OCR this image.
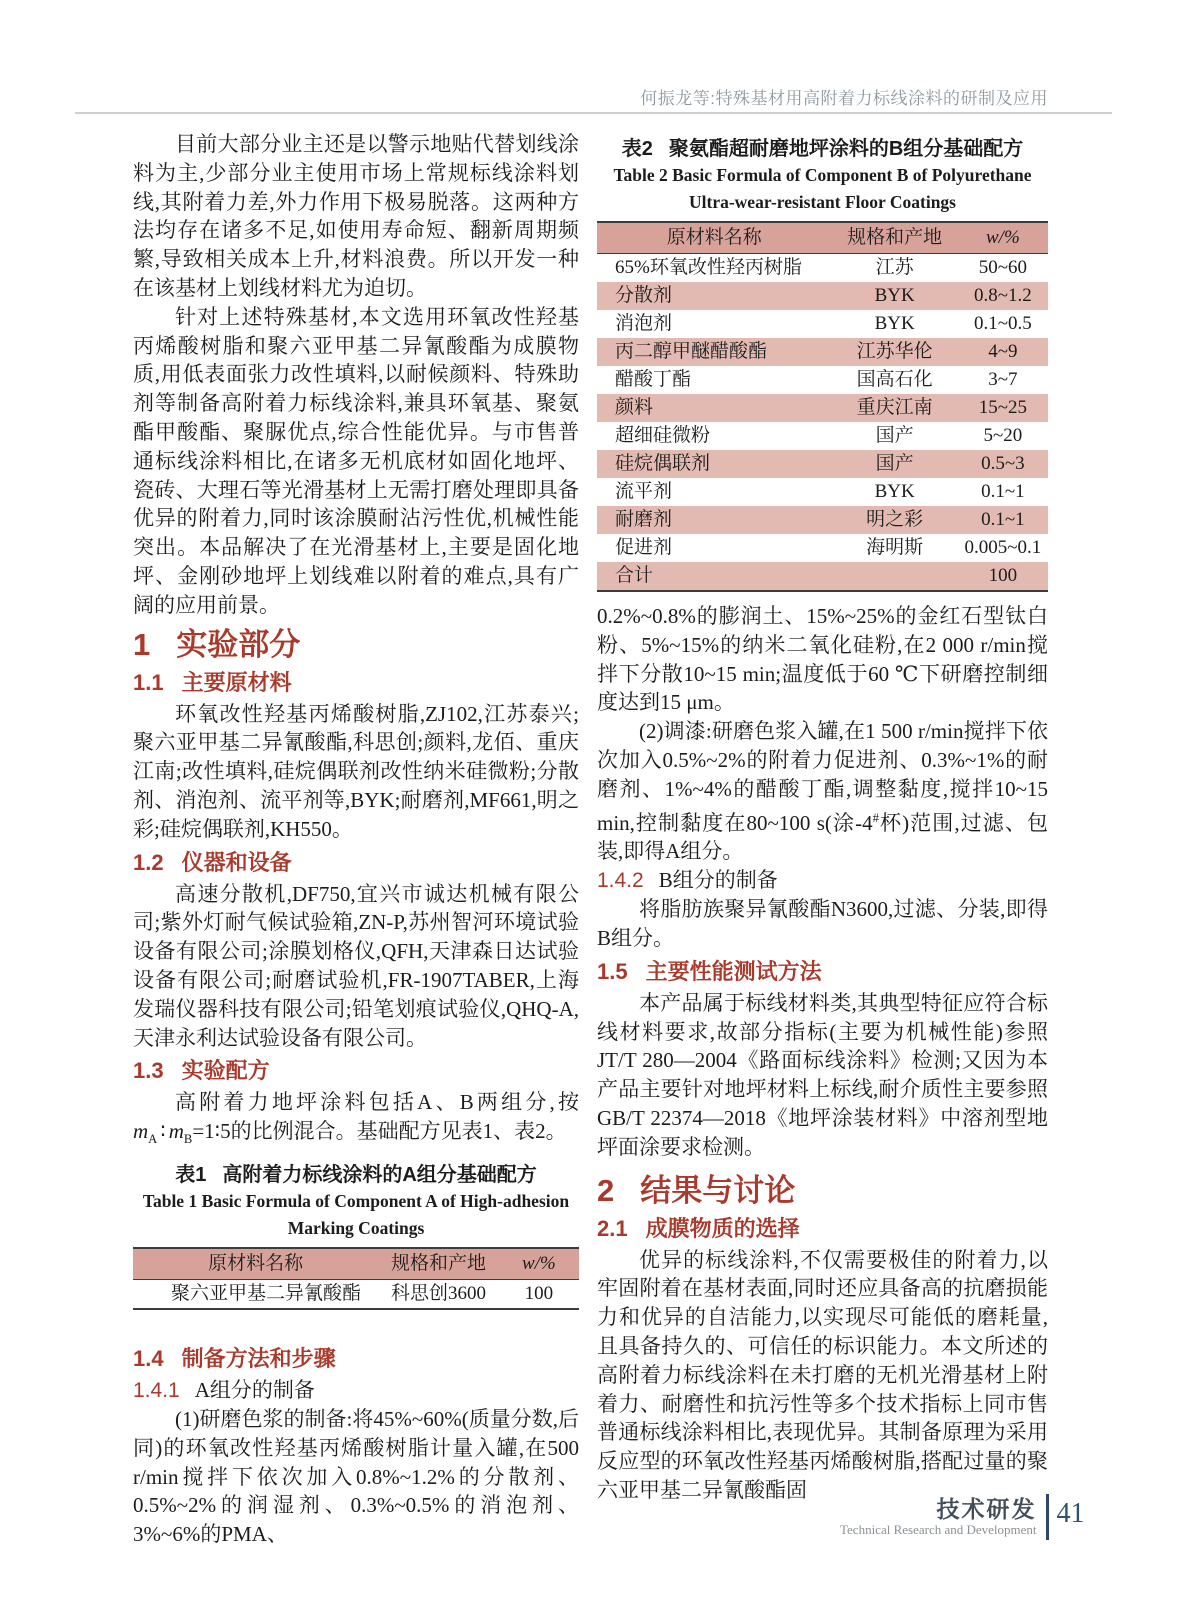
何振龙等:特殊基材用高附着力标线涂料的研制及应用

目前大部分业主还是以警示地贴代替划线涂料为主,少部分业主使用市场上常规标线涂料划线,其附着力差,外力作用下极易脱落。这两种方法均存在诸多不足,如使用寿命短、翻新周期频繁,导致相关成本上升,材料浪费。所以开发一种在该基材上划线材料尤为迫切。

针对上述特殊基材,本文选用环氧改性羟基丙烯酸树脂和聚六亚甲基二异氰酸酯为成膜物质,用低表面张力改性填料,以耐候颜料、特殊助剂等制备高附着力标线涂料,兼具环氧基、聚氨酯甲酸酯、聚脲优点,综合性能优异。与市售普通标线涂料相比,在诸多无机底材如固化地坪、瓷砖、大理石等光滑基材上无需打磨处理即具备优异的附着力,同时该涂膜耐沾污性优,机械性能突出。本品解决了在光滑基材上,主要是固化地坪、金刚砂地坪上划线难以附着的难点,具有广阔的应用前景。

1 实验部分

1.1 主要原材料

环氧改性羟基丙烯酸树脂,ZJ102,江苏泰兴;聚六亚甲基二异氰酸酯,科思创;颜料,龙佰、重庆江南;改性填料,硅烷偶联剂改性纳米硅微粉;分散剂、消泡剂、流平剂等,BYK;耐磨剂,MF661,明之彩;硅烷偶联剂,KH550。

1.2 仪器和设备

高速分散机,DF750,宜兴市诚达机械有限公司;紫外灯耐气候试验箱,ZN-P,苏州智河环境试验设备有限公司;涂膜划格仪,QFH,天津森日达试验设备有限公司;耐磨试验机,FR-1907TABER,上海发瑞仪器科技有限公司;铅笔划痕试验仪,QHQ-A,天津永利达试验设备有限公司。

1.3 实验配方

高附着力地坪涂料包括A、B两组分,按$m_A$ ∶ $m_B=1∶5$的比例混合。基础配方见表1、表2。

表1 高附着力标线涂料的A组分基础配方

Table 1 Basic Formula of Component A of High-adhesion Marking Coatings

原材料名称	规格和产地	w/%
聚六亚甲基二异氰酸酯	科思创3600	100

1.4 制备方法和步骤

1.4.1 A组分的制备

(1)研磨色浆的制备:将45%~60%(质量分数,后同)的环氧改性羟基丙烯酸树脂计量入罐,在500 r/min搅拌下依次加入0.8%~1.2%的分散剂、0.5%~2%的润湿剂、0.3%~0.5%的消泡剂、3%~6%的PMA、

表2 聚氨酯超耐磨地坪涂料的B组分基础配方

Table 2 Basic Formula of Component B of Polyurethane Ultra-wear-resistant Floor Coatings

原材料名称	规格和产地	w/%
65%环氧改性羟丙树脂	江苏	50~60
分散剂	BYK	0.8~1.2
消泡剂	BYK	0.1~0.5
丙二醇甲醚醋酸酯	江苏华伦	4~9
醋酸丁酯	国高石化	3~7
颜料	重庆江南	15~25
超细硅微粉	国产	5~20
硅烷偶联剂	国产	0.5~3
流平剂	BYK	0.1~1
耐磨剂	明之彩	0.1~1
促进剂	海明斯	0.005~0.1
合计		100

0.2%~0.8%的膨润土、15%~25%的金红石型钛白粉、5%~15%的纳米二氧化硅粉,在2 000 r/min搅拌下分散10~15 min;温度低于60 ℃下研磨控制细度达到15 μm。

(2)调漆:研磨色浆入罐,在1 500 r/min搅拌下依次加入0.5%~2%的附着力促进剂、0.3%~1%的耐磨剂、1%~4%的醋酸丁酯,调整黏度,搅拌10~15 min,控制黏度在80~100 s(涂-4#杯)范围,过滤、包装,即得A组分。

1.4.2 B组分的制备

将脂肪族聚异氰酸酯N3600,过滤、分装,即得B组分。

1.5 主要性能测试方法

本产品属于标线材料类,其典型特征应符合标线材料要求,故部分指标(主要为机械性能)参照JT/T 280—2004《路面标线涂料》检测;又因为本产品主要针对地坪材料上标线,耐介质性主要参照GB/T 22374—2018《地坪涂装材料》中溶剂型地坪面涂要求检测。

2 结果与讨论

2.1 成膜物质的选择

优异的标线涂料,不仅需要极佳的附着力,以牢固附着在基材表面,同时还应具备高的抗磨损能力和优异的自洁能力,以实现尽可能低的磨耗量,且具备持久的、可信任的标识能力。本文所述的高附着力标线涂料在未打磨的无机光滑基材上附着力、耐磨性和抗污性等多个技术指标上同市售普通标线涂料相比,表现优异。其制备原理为采用反应型的环氧改性羟基丙烯酸树脂,搭配过量的聚六亚甲基二异氰酸酯固

技术研发
Technical Research and Development
41
